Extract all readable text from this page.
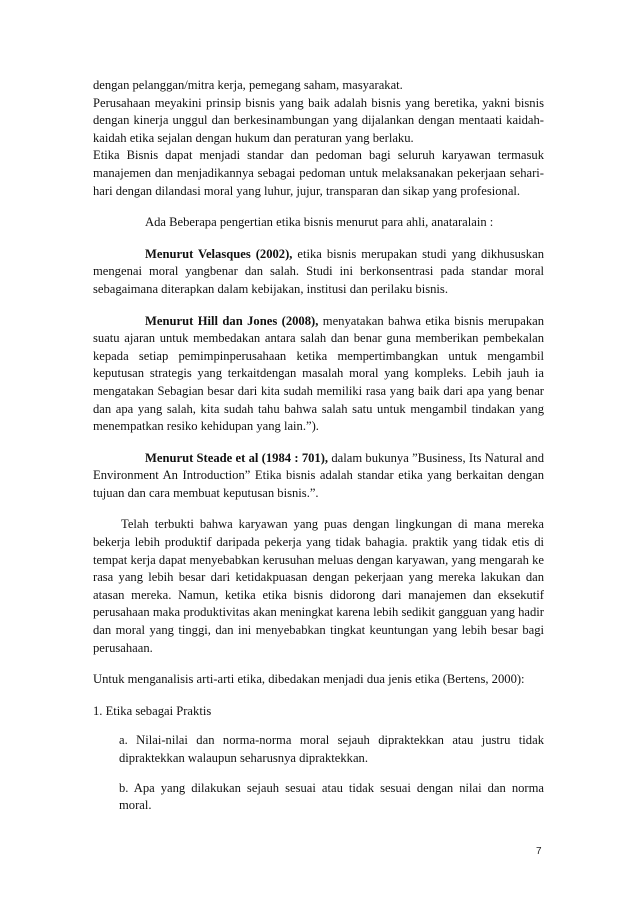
dengan pelanggan/mitra kerja, pemegang saham, masyarakat.

Perusahaan meyakini prinsip bisnis yang baik adalah bisnis yang beretika, yakni bisnis dengan kinerja unggul dan berkesinambungan yang dijalankan dengan mentaati kaidah-kaidah etika sejalan dengan hukum dan peraturan yang berlaku.

Etika Bisnis dapat menjadi standar dan pedoman bagi seluruh karyawan termasuk manajemen dan menjadikannya sebagai pedoman untuk melaksanakan pekerjaan sehari-hari dengan dilandasi moral yang luhur, jujur, transparan dan sikap yang profesional.

Ada Beberapa pengertian etika bisnis menurut para ahli, anataralain :

Menurut Velasques (2002), etika bisnis merupakan studi yang dikhususkan mengenai moral yangbenar dan salah. Studi ini berkonsentrasi pada standar moral sebagaimana diterapkan dalam kebijakan, institusi dan perilaku bisnis.

Menurut Hill dan Jones (2008), menyatakan bahwa etika bisnis merupakan suatu ajaran untuk membedakan antara salah dan benar guna memberikan pembekalan kepada setiap pemimpinperusahaan ketika mempertimbangkan untuk mengambil keputusan strategis yang terkaitdengan masalah moral yang kompleks. Lebih jauh ia mengatakan Sebagian besar dari kita sudah memiliki rasa yang baik dari apa yang benar dan apa yang salah, kita sudah tahu bahwa salah satu untuk mengambil tindakan yang menempatkan resiko kehidupan yang lain.”).

Menurut Steade et al (1984 : 701), dalam bukunya ”Business, Its Natural and Environment An Introduction” Etika bisnis adalah standar etika yang berkaitan dengan tujuan dan cara membuat keputusan bisnis.”.

Telah terbukti bahwa karyawan yang puas dengan lingkungan di mana mereka bekerja lebih produktif daripada pekerja yang tidak bahagia. praktik yang tidak etis di tempat kerja dapat menyebabkan kerusuhan meluas dengan karyawan, yang mengarah ke rasa yang lebih besar dari ketidakpuasan dengan pekerjaan yang mereka lakukan dan atasan mereka. Namun, ketika etika bisnis didorong dari manajemen dan eksekutif perusahaan maka produktivitas akan meningkat karena lebih sedikit gangguan yang hadir dan moral yang tinggi, dan ini menyebabkan tingkat keuntungan yang lebih besar bagi perusahaan.

Untuk menganalisis arti-arti etika, dibedakan menjadi dua jenis etika (Bertens, 2000):

1. Etika sebagai Praktis

a. Nilai-nilai dan norma-norma moral sejauh dipraktekkan atau justru tidak dipraktekkan walaupun seharusnya dipraktekkan.

b. Apa yang dilakukan sejauh sesuai atau tidak sesuai dengan nilai dan norma moral.

7
